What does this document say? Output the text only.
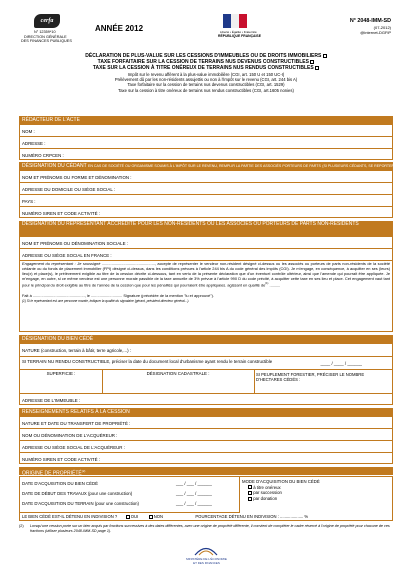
cerfa
N° 12359*10
DIRECTION GÉNÉRALE
DES FINANCES PUBLIQUES
ANNÉE 2012	Liberté • Égalité • Fraternité
RÉPUBLIQUE FRANÇAISE
N° 2048-IMM-SD
(07-2012)
@internet-DGFiP
DÉCLARATION DE PLUS-VALUE SUR LES CESSIONS D'IMMEUBLES OU DE DROITS IMMOBILIERS
TAXE FORFAITAIRE SUR LA CESSION DE TERRAINS NUS DEVENUS CONSTRUCTIBLES
TAXE SUR LA CESSION À TITRE ONÉREUX DE TERRAINS NUS RENDUS CONSTRUCTIBLES
Impôt sur le revenu afférent à la plus-value immobilière (CGI, art. 150 U et 150 UC-I)
Prélèvement dû par les non-résidents assujettis ou non à l'impôt sur le revenu (CGI, art. 244 bis A)
Taxe forfaitaire sur la cession de terrains nus devenus constructibles (CGI, art. 1529)
Taxe sur la cession à titre onéreux de terrains nus rendus constructibles (CGI, art.1605 nonies)
RÉDACTEUR DE L'ACTE
NOM :
ADRESSE :
NUMÉRO CRPCEN :
DÉSIGNATION DU CÉDANT EN CAS DE SOCIÉTÉ OU ORGANISME SOUMIS À L'IMPÔT SUR LE REVENU, REMPLIR LA PARTIE DES ASSOCIÉS PORTEURS DE PARTS (SI PLUSIEURS CÉDANTS, SE REPORTER PAGE 3)
NOM ET PRÉNOMS OU FORME ET DÉNOMINATION :
ADRESSE DU DOMICILE OU SIÈGE SOCIAL :
PAYS :
NUMÉRO SIREN ET CODE ACTIVITÉ :
DÉSIGNATION DU REPRÉSENTANT ACCRÉDITÉ POUR LES NON-RÉSIDENTS OU LES ASSOCIÉS OU PORTEURS DE PARTS NON-RÉSIDENTS
NOM ET PRÉNOMS OU DÉNOMINATION SOCIALE :
ADRESSE OU SIÈGE SOCIAL EN FRANCE :
Engagement du représentant : Je soussigné ................................................., accepte de représenter le vendeur non-résident désigné ci-dessus ou les associés ou porteurs de parts non-résidents de la société cédante ou du fonds de placement immobilier (FPI) désigné ci-dessus, dans les conditions prévues à l'article 244 bis A du code général des impôts (CGI). Je m'engage, en conséquence, à acquitter en ses (leurs) lieu(x) et place(s), le prélèvement exigible au titre de la cession décrite ci-dessous, tant en vertu de la présente déclaration que d'un éventuel contrôle ultérieur, ainsi que l'amende qui pourrait être appliquée. Je m'engage, en outre, si ce même vendeur est une personne morale passible de la taxe annuelle de 3% prévue à l'article 990 D du code précité, à acquitter cette taxe en ses lieu et place. Cet engagement vaut tant pour le principal du droit exigible au titre de l'année de la cession que pour les pénalités qui pourraient être appliquées. agissant en qualité $de^{(1)}$ ..........
Fait à ................................................, le ............................. Signature (précédée de la mention "lu et approuvé").
(1) Si le représentant est une personne morale, indiquer la qualité du signataire (gérant, président-directeur général...).
DÉSIGNATION DU BIEN CÉDÉ
NATURE (construction, terrain à bâtir, terre agricole,...) :
SI TERRAIN NU RENDU CONSTRUCTIBLE, préciser la date du document local d'urbanisme ayant rendu le terrain constructible	____ / ____ / ______
SUPERFICIE :	DÉSIGNATION CADASTRALE :	SI PEUPLEMENT FORESTIER, PRÉCISER LE NOMBRE D'HECTARES CÉDÉS :
ADRESSE DE L'IMMEUBLE :
RENSEIGNEMENTS RELATIFS À LA CESSION
NATURE ET DATE DU TRANSFERT DE PROPRIÉTÉ :
NOM OU DÉNOMINATION DE L'ACQUÉREUR :
ADRESSE OU SIÈGE SOCIAL DE L'ACQUÉREUR :
NUMÉRO SIREN ET CODE ACTIVITÉ :
ORIGINE DE PROPRIÉTÉ$^{(2)}$
DATE D'ACQUISITION DU BIEN CÉDÉ	___ / ___ / ______
DATE DE DÉBUT DES TRAVAUX (pour une construction)	___ / ___ / ______
DATE D'ACQUISITION DU TERRAIN (pour une construction)	___ / ___ / ______
MODE D'ACQUISITION DU BIEN CÉDÉ
à titre onéreux
par succession
par donation
LE BIEN CÉDÉ EST-IL DÉTENU EN INDIVISION ?	OUI	NON	POURCENTAGE DÉTENU EN INDIVISION : .................... %
(2) Lorsqu'une cession porte sur un bien acquis par fractions successives à des dates différentes, avec une origine de propriété différente, il convient de compléter le cadre réservé à l'origine de propriété pour chacune de ces fractions (utiliser plusieurs 2048-IMM-SD page 1).
MINISTÈRE DE L'ÉCONOMIE
ET DES FINANCES
